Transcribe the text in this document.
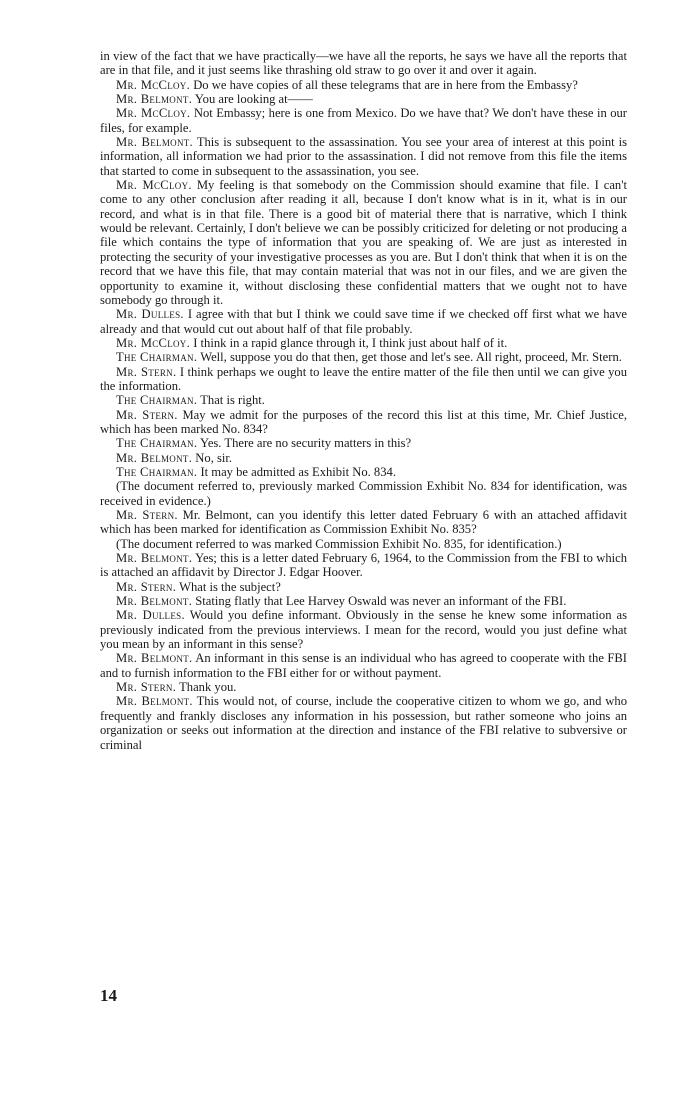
in view of the fact that we have practically—we have all the reports, he says we have all the reports that are in that file, and it just seems like thrashing old straw to go over it and over it again.

Mr. McCloy. Do we have copies of all these telegrams that are in here from the Embassy?

Mr. Belmont. You are looking at——

Mr. McCloy. Not Embassy; here is one from Mexico. Do we have that? We don't have these in our files, for example.

Mr. Belmont. This is subsequent to the assassination. You see your area of interest at this point is information, all information we had prior to the assassination. I did not remove from this file the items that started to come in subsequent to the assassination, you see.

Mr. McCloy. My feeling is that somebody on the Commission should examine that file. I can't come to any other conclusion after reading it all, because I don't know what is in it, what is in our record, and what is in that file. There is a good bit of material there that is narrative, which I think would be relevant. Certainly, I don't believe we can be possibly criticized for deleting or not producing a file which contains the type of information that you are speaking of. We are just as interested in protecting the security of your investigative processes as you are. But I don't think that when it is on the record that we have this file, that may contain material that was not in our files, and we are given the opportunity to examine it, without disclosing these confidential matters that we ought not to have somebody go through it.

Mr. Dulles. I agree with that but I think we could save time if we checked off first what we have already and that would cut out about half of that file probably.

Mr. McCloy. I think in a rapid glance through it, I think just about half of it.

The Chairman. Well, suppose you do that then, get those and let's see. All right, proceed, Mr. Stern.

Mr. Stern. I think perhaps we ought to leave the entire matter of the file then until we can give you the information.

The Chairman. That is right.

Mr. Stern. May we admit for the purposes of the record this list at this time, Mr. Chief Justice, which has been marked No. 834?

The Chairman. Yes. There are no security matters in this?

Mr. Belmont. No, sir.

The Chairman. It may be admitted as Exhibit No. 834.

(The document referred to, previously marked Commission Exhibit No. 834 for identification, was received in evidence.)

Mr. Stern. Mr. Belmont, can you identify this letter dated February 6 with an attached affidavit which has been marked for identification as Commission Exhibit No. 835?

(The document referred to was marked Commission Exhibit No. 835, for identification.)

Mr. Belmont. Yes; this is a letter dated February 6, 1964, to the Commission from the FBI to which is attached an affidavit by Director J. Edgar Hoover.

Mr. Stern. What is the subject?

Mr. Belmont. Stating flatly that Lee Harvey Oswald was never an informant of the FBI.

Mr. Dulles. Would you define informant. Obviously in the sense he knew some information as previously indicated from the previous interviews. I mean for the record, would you just define what you mean by an informant in this sense?

Mr. Belmont. An informant in this sense is an individual who has agreed to cooperate with the FBI and to furnish information to the FBI either for or without payment.

Mr. Stern. Thank you.

Mr. Belmont. This would not, of course, include the cooperative citizen to whom we go, and who frequently and frankly discloses any information in his possession, but rather someone who joins an organization or seeks out information at the direction and instance of the FBI relative to subversive or criminal

14
